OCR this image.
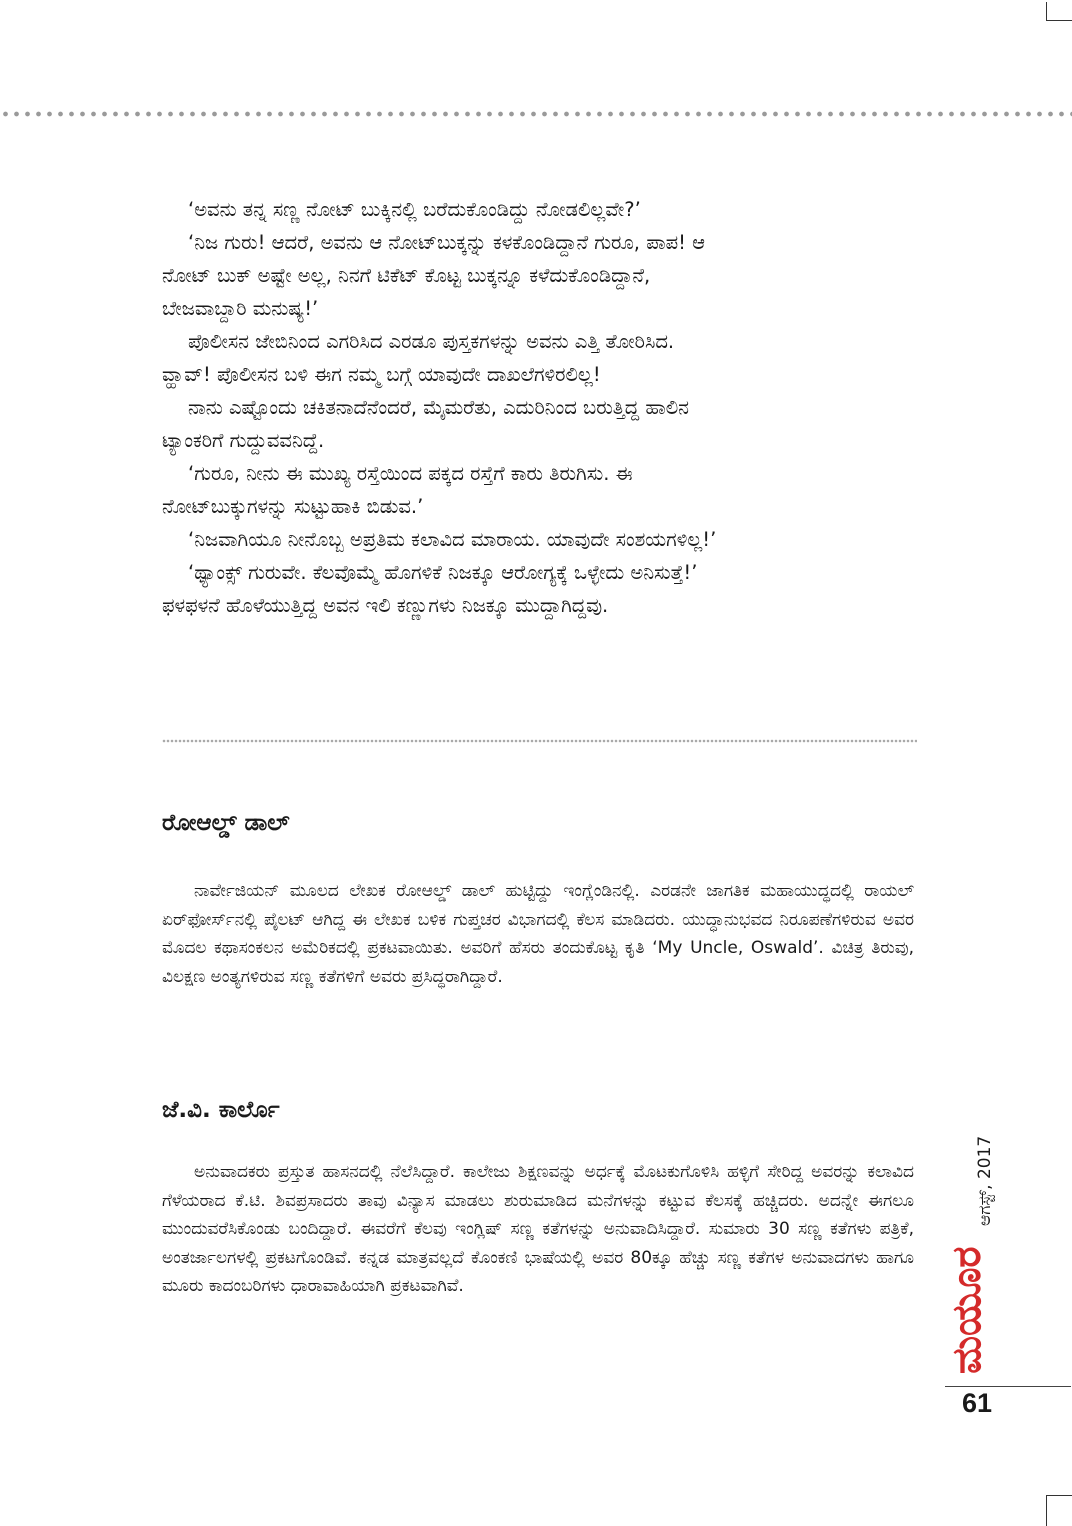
‘ಅವನು ತನ್ನ ಸಣ್ಣ ನೋಟ್ ಬುಕ್ಕಿನಲ್ಲಿ ಬರೆದುಕೊಂಡಿದ್ದು ನೋಡಲಿಲ್ಲವೇ?’

‘ನಿಜ ಗುರು! ಆದರೆ, ಅವನು ಆ ನೋಟ್‌ಬುಕ್ಕನ್ನು ಕಳಕೊಂಡಿದ್ದಾನೆ ಗುರೂ, ಪಾಪ! ಆ

ನೋಟ್ ಬುಕ್ ಅಷ್ಟೇ ಅಲ್ಲ, ನಿನಗೆ ಟಿಕೆಟ್ ಕೊಟ್ಟ ಬುಕ್ಕನ್ನೂ ಕಳೆದುಕೊಂಡಿದ್ದಾನೆ,

ಬೇಜವಾಬ್ದಾರಿ ಮನುಷ್ಯ!’

ಪೊಲೀಸನ ಜೇಬಿನಿಂದ ಎಗರಿಸಿದ ಎರಡೂ ಪುಸ್ತಕಗಳನ್ನು ಅವನು ಎತ್ತಿ ತೋರಿಸಿದ.

ವ್ಹಾವ್! ಪೊಲೀಸನ ಬಳಿ ಈಗ ನಮ್ಮ ಬಗ್ಗೆ ಯಾವುದೇ ದಾಖಲೆಗಳಿರಲಿಲ್ಲ!

ನಾನು ಎಷ್ಟೊಂದು ಚಕಿತನಾದೆನೆಂದರೆ, ಮೈಮರೆತು, ಎದುರಿನಿಂದ ಬರುತ್ತಿದ್ದ ಹಾಲಿನ

ಟ್ಯಾಂಕರಿಗೆ ಗುದ್ದುವವನಿದ್ದೆ.

‘ಗುರೂ, ನೀನು ಈ ಮುಖ್ಯ ರಸ್ತೆಯಿಂದ ಪಕ್ಕದ ರಸ್ತೆಗೆ ಕಾರು ತಿರುಗಿಸು. ಈ

ನೋಟ್‌ಬುಕ್ಕುಗಳನ್ನು ಸುಟ್ಟುಹಾಕಿ ಬಿಡುವ.’

‘ನಿಜವಾಗಿಯೂ ನೀನೊಬ್ಬ ಅಪ್ರತಿಮ ಕಲಾವಿದ ಮಾರಾಯ. ಯಾವುದೇ ಸಂಶಯಗಳಿಲ್ಲ!’

‘ಥ್ಯಾಂಕ್ಸ್ ಗುರುವೇ. ಕೆಲವೊಮ್ಮೆ ಹೊಗಳಿಕೆ ನಿಜಕ್ಕೂ ಆರೋಗ್ಯಕ್ಕೆ ಒಳ್ಳೇದು ಅನಿಸುತ್ತೆ!’

ಫಳಫಳನೆ ಹೊಳೆಯುತ್ತಿದ್ದ ಅವನ ಇಲಿ ಕಣ್ಣುಗಳು ನಿಜಕ್ಕೂ ಮುದ್ದಾಗಿದ್ದವು.

ರೋಆಲ್ಡ್ ಡಾಲ್

ನಾರ್ವೇಜಿಯನ್ ಮೂಲದ ಲೇಖಕ ರೋಆಲ್ಡ್ ಡಾಲ್ ಹುಟ್ಟಿದ್ದು ಇಂಗ್ಲೆಂಡಿನಲ್ಲಿ. ಎರಡನೇ ಜಾಗತಿಕ ಮಹಾಯುದ್ಧದಲ್ಲಿ ರಾಯಲ್ ಏರ್‌ಫೋರ್ಸ್‌ನಲ್ಲಿ ಪೈಲಟ್ ಆಗಿದ್ದ ಈ ಲೇಖಕ ಬಳಿಕ ಗುಪ್ತಚರ ವಿಭಾಗದಲ್ಲಿ ಕೆಲಸ ಮಾಡಿದರು. ಯುದ್ಧಾನುಭವದ ನಿರೂಪಣೆಗಳಿರುವ ಅವರ ಮೊದಲ ಕಥಾಸಂಕಲನ ಅಮೆರಿಕದಲ್ಲಿ ಪ್ರಕಟವಾಯಿತು. ಅವರಿಗೆ ಹೆಸರು ತಂದುಕೊಟ್ಟ ಕೃತಿ ‘My Uncle, Oswald’. ವಿಚಿತ್ರ ತಿರುವು, ವಿಲಕ್ಷಣ ಅಂತ್ಯಗಳಿರುವ ಸಣ್ಣ ಕತೆಗಳಿಗೆ ಅವರು ಪ್ರಸಿದ್ಧರಾಗಿದ್ದಾರೆ.

ಜೆ.ವಿ. ಕಾರ್ಲೊ

ಅನುವಾದಕರು ಪ್ರಸ್ತುತ ಹಾಸನದಲ್ಲಿ ನೆಲೆಸಿದ್ದಾರೆ. ಕಾಲೇಜು ಶಿಕ್ಷಣವನ್ನು ಅರ್ಧಕ್ಕೆ ಮೊಟಕುಗೊಳಿಸಿ ಹಳ್ಳಿಗೆ ಸೇರಿದ್ದ ಅವರನ್ನು ಕಲಾವಿದ ಗೆಳೆಯರಾದ ಕೆ.ಟಿ. ಶಿವಪ್ರಸಾದರು ತಾವು ವಿನ್ಯಾಸ ಮಾಡಲು ಶುರುಮಾಡಿದ ಮನೆಗಳನ್ನು ಕಟ್ಟುವ ಕೆಲಸಕ್ಕೆ ಹಚ್ಚಿದರು. ಅದನ್ನೇ ಈಗಲೂ ಮುಂದುವರೆಸಿಕೊಂಡು ಬಂದಿದ್ದಾರೆ. ಈವರೆಗೆ ಕೆಲವು ಇಂಗ್ಲಿಷ್ ಸಣ್ಣ ಕತೆಗಳನ್ನು ಅನುವಾದಿಸಿದ್ದಾರೆ. ಸುಮಾರು 30 ಸಣ್ಣ ಕತೆಗಳು ಪತ್ರಿಕೆ, ಅಂತರ್ಜಾಲಗಳಲ್ಲಿ ಪ್ರಕಟಗೊಂಡಿವೆ. ಕನ್ನಡ ಮಾತ್ರವಲ್ಲದೆ ಕೊಂಕಣಿ ಭಾಷೆಯಲ್ಲಿ ಅವರ 80ಕ್ಕೂ ಹೆಚ್ಚು ಸಣ್ಣ ಕತೆಗಳ ಅನುವಾದಗಳು ಹಾಗೂ ಮೂರು ಕಾದಂಬರಿಗಳು ಧಾರಾವಾಹಿಯಾಗಿ ಪ್ರಕಟವಾಗಿವೆ.	ಮಯೂರ
ಆಗಸ್ಟ್, 2017
61
